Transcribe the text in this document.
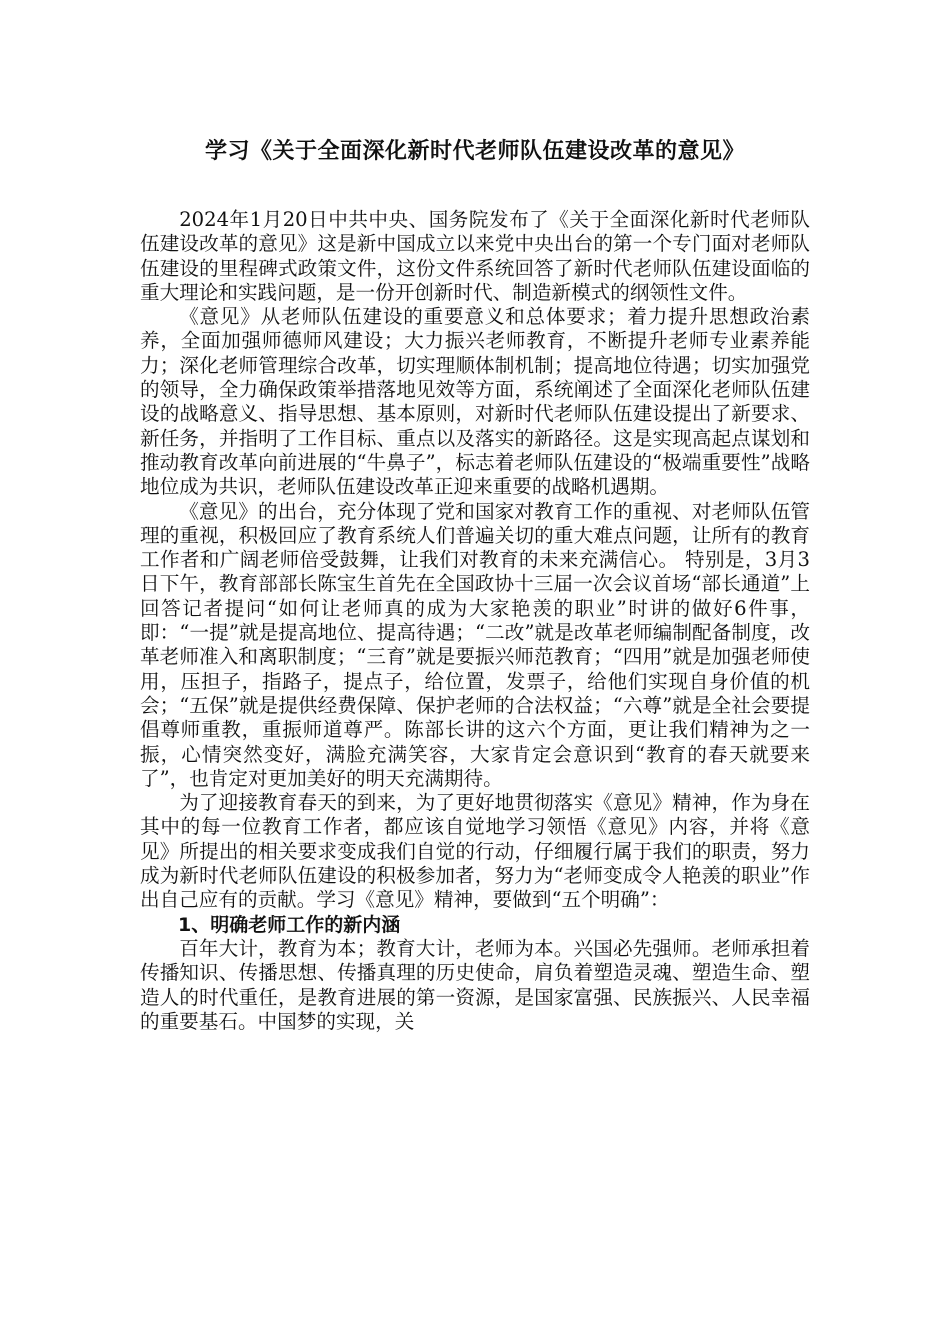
学习《关于全面深化新时代老师队伍建设改革的意见》

2024年1月20日中共中央、国务院发布了《关于全面深化新时代老师队伍建设改革的意见》这是新中国成立以来党中央出台的第一个专门面对老师队伍建设的里程碑式政策文件，这份文件系统回答了新时代老师队伍建设面临的重大理论和实践问题，是一份开创新时代、制造新模式的纲领性文件。

《意见》从老师队伍建设的重要意义和总体要求；着力提升思想政治素养，全面加强师德师风建设；大力振兴老师教育，不断提升老师专业素养能力；深化老师管理综合改革，切实理顺体制机制；提高地位待遇；切实加强党的领导，全力确保政策举措落地见效等方面，系统阐述了全面深化老师队伍建设的战略意义、指导思想、基本原则，对新时代老师队伍建设提出了新要求、新任务，并指明了工作目标、重点以及落实的新路径。这是实现高起点谋划和推动教育改革向前进展的“牛鼻子”，标志着老师队伍建设的“极端重要性”战略地位成为共识，老师队伍建设改革正迎来重要的战略机遇期。

《意见》的出台，充分体现了党和国家对教育工作的重视、对老师队伍管理的重视，积极回应了教育系统人们普遍关切的重大难点问题，让所有的教育工作者和广阔老师倍受鼓舞，让我们对教育的未来充满信心。 特别是，3月3日下午，教育部部长陈宝生首先在全国政协十三届一次会议首场“部长通道”上回答记者提问“如何让老师真的成为大家艳羡的职业”时讲的做好6件事，即：“一提”就是提高地位、提高待遇；“二改”就是改革老师编制配备制度，改革老师准入和离职制度；“三育”就是要振兴师范教育；“四用”就是加强老师使用，压担子，指路子，提点子，给位置，发票子，给他们实现自身价值的机会；“五保”就是提供经费保障、保护老师的合法权益；“六尊”就是全社会要提倡尊师重教，重振师道尊严。陈部长讲的这六个方面，更让我们精神为之一振，心情突然变好，满脸充满笑容，大家肯定会意识到“教育的春天就要来了”，也肯定对更加美好的明天充满期待。

为了迎接教育春天的到来，为了更好地贯彻落实《意见》精神，作为身在其中的每一位教育工作者，都应该自觉地学习领悟《意见》内容，并将《意见》所提出的相关要求变成我们自觉的行动，仔细履行属于我们的职责，努力成为新时代老师队伍建设的积极参加者，努力为“老师变成令人艳羡的职业”作出自己应有的贡献。学习《意见》精神，要做到“五个明确”：

1、明确老师工作的新内涵

百年大计，教育为本；教育大计，老师为本。兴国必先强师。老师承担着传播知识、传播思想、传播真理的历史使命，肩负着塑造灵魂、塑造生命、塑造人的时代重任，是教育进展的第一资源，是国家富强、民族振兴、人民幸福的重要基石。中国梦的实现，关
